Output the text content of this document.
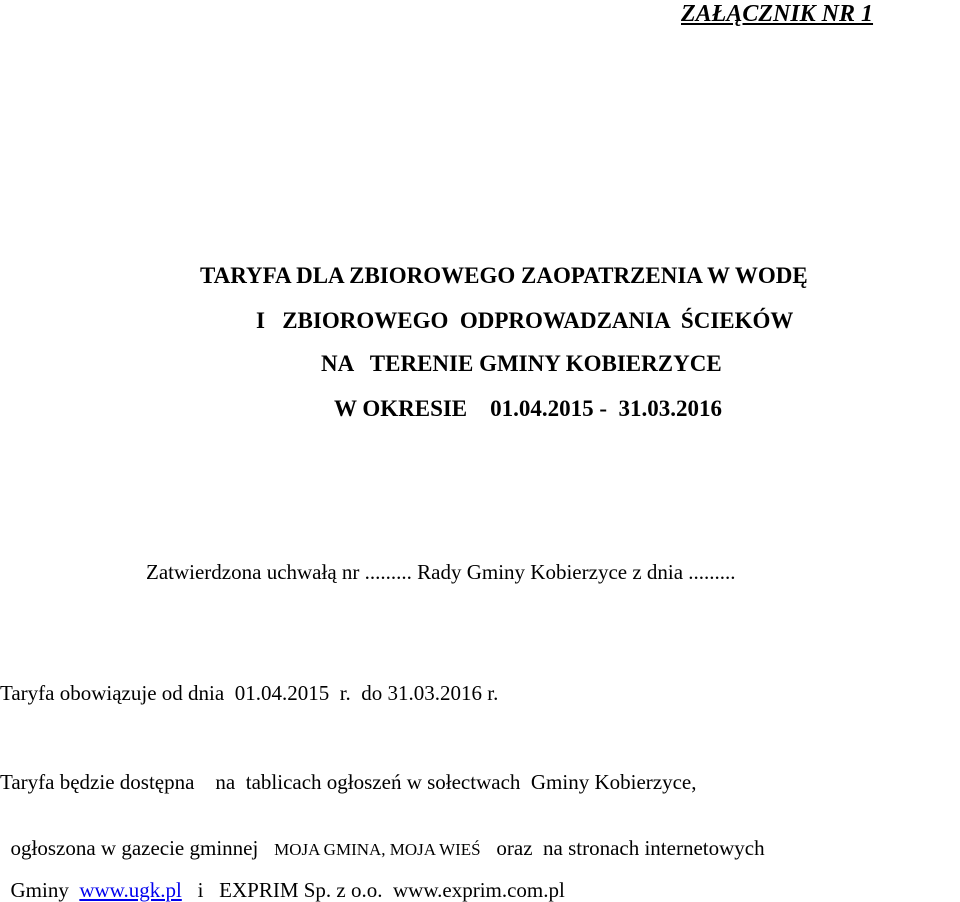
ZAŁĄCZNIK NR 1
TARYFA DLA ZBIOROWEGO ZAOPATRZENIA W WODĘ
I   ZBIOROWEGO  ODPROWADZANIA  ŚCIEKÓW
NA   TERENIE GMINY KOBIERZYCE
W OKRESIE    01.04.2015 -  31.03.2016
Zatwierdzona uchwałą nr ......... Rady Gminy Kobierzyce z dnia .........
Taryfa obowiązuje od dnia  01.04.2015  r.  do 31.03.2016 r.
Taryfa będzie dostępna    na  tablicach ogłoszeń w sołectwach  Gminy Kobierzyce,

ogłoszona w gazecie gminnej   MOJA GMINA, MOJA WIEŚ   oraz  na stronach internetowych

Gminy  www.ugk.pl   i   EXPRIM Sp. z o.o.  www.exprim.com.pl
